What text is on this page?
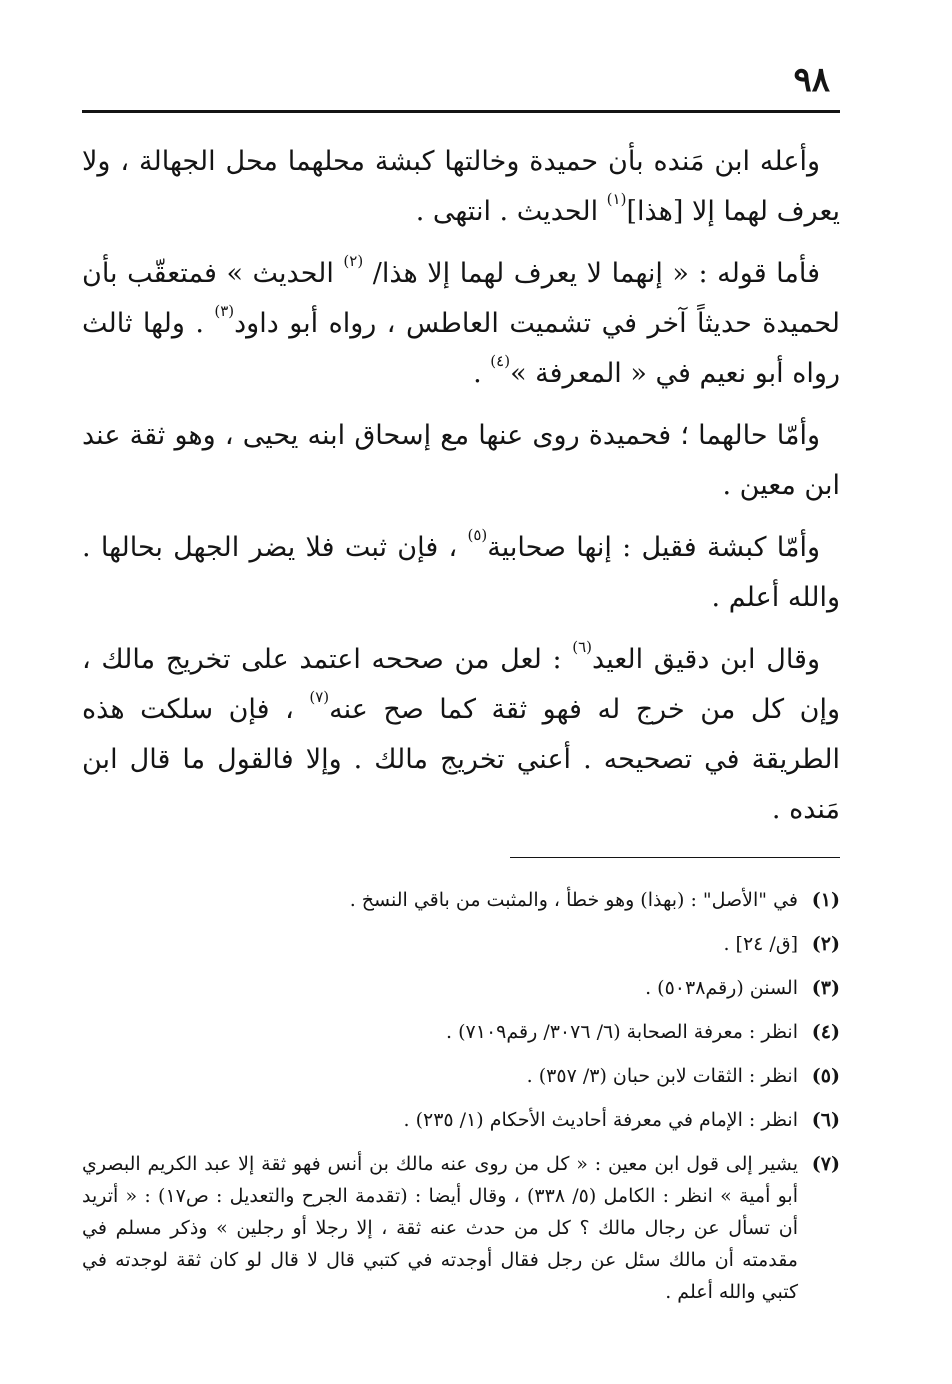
٩٨

وأعله ابن مَنده بأن حميدة وخالتها كبشة محلهما محل الجهالة ، ولا يعرف لهما إلا [هذا]$^{(١)}$ الحديث . انتهى .

فأما قوله : « إنهما لا يعرف لهما إلا هذا/ $^{(٢)}$ الحديث » فمتعقّب بأن لحميدة حديثاً آخر في تشميت العاطس ، رواه أبو داود$^{(٣)}$ . ولها ثالث رواه أبو نعيم في « المعرفة »$^{(٤)}$ .

وأمّا حالهما ؛ فحميدة روى عنها مع إسحاق ابنه يحيى ، وهو ثقة عند ابن معين .

وأمّا كبشة فقيل : إنها صحابية$^{(٥)}$ ، فإن ثبت فلا يضر الجهل بحالها . والله أعلم .

وقال ابن دقيق العيد$^{(٦)}$ : لعل من صححه اعتمد على تخريج مالك ، وإن كل من خرج له فهو ثقة كما صح عنه$^{(٧)}$ ، فإن سلكت هذه الطريقة في تصحيحه . أعني تخريج مالك . وإلا فالقول ما قال ابن مَنده .

(١)
في "الأصل" : (بهذا) وهو خطأ ، والمثبت من باقي النسخ .
(٢)
[ق/ ٢٤] .
(٣)
السنن (رقم٥٠٣٨) .
(٤)
انظر : معرفة الصحابة (٦/ ٣٠٧٦/ رقم٧١٠٩) .
(٥)
انظر : الثقات لابن حبان (٣/ ٣٥٧) .
(٦)
انظر : الإمام في معرفة أحاديث الأحكام (١/ ٢٣٥) .
(٧)
يشير إلى قول ابن معين : « كل من روى عنه مالك بن أنس فهو ثقة إلا عبد الكريم البصري أبو أمية » انظر : الكامل (٥/ ٣٣٨) ، وقال أيضا : (تقدمة الجرح والتعديل : ص١٧) : « أتريد أن تسأل عن رجال مالك ؟ كل من حدث عنه ثقة ، إلا رجلا أو رجلين » وذكر مسلم في مقدمته أن مالك سئل عن رجل فقال أوجدته في كتبي قال لا قال لو كان ثقة لوجدته في كتبي والله أعلم .
